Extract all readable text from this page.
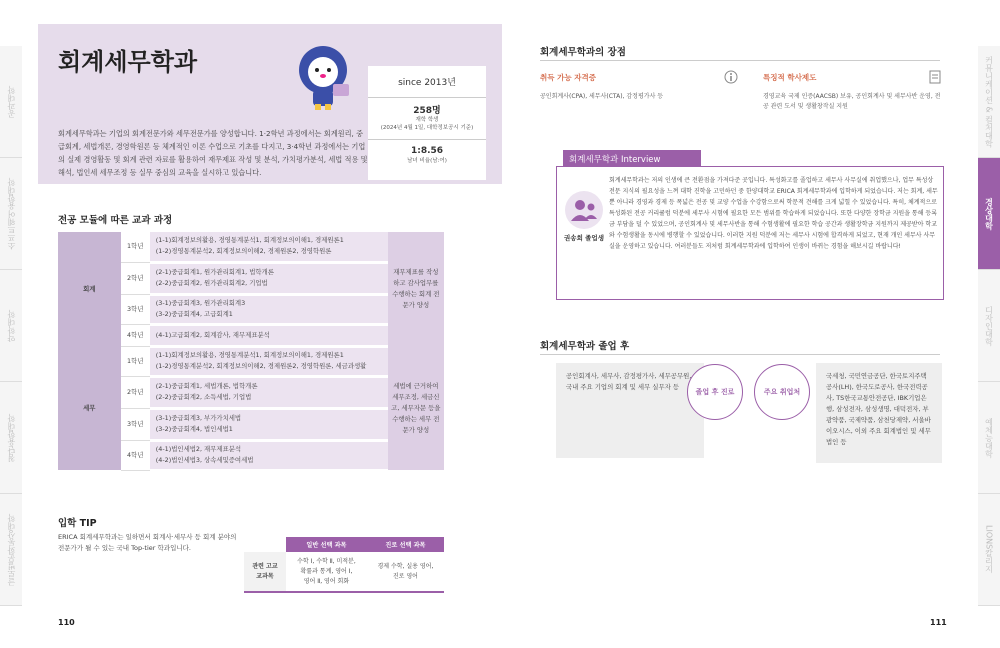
공과대학
소프트웨어융합대학
약학대학
첨단융합대학
글로벌문화통상대학
커뮤니케이션 & 컬처대학
경상대학
디자인대학
예체능대학
LIONS칼리지
회계세무학과

회계세무학과는 기업의 회계전문가와 세무전문가를 양성합니다. 1·2학년 과정에서는 회계원리, 중급회계, 세법개론, 경영학원론 등 체계적인 이론 수업으로 기초를 다지고, 3·4학년 과정에서는 기업의 실제 경영활동 및 회계 관련 자료를 활용하여 재무제표 작성 및 분석, 가치평가분석, 세법 적용 및 해석, 법인세 세무조정 등 실무 중심의 교육을 실시하고 있습니다.

since 2013년
258명
재학 학생
(2024년 4월 1일, 대학정보공시 기준)
1:8.56
남녀 비율(남:여)
전공 모듈에 따른 교과 과정
회계	1학년	(1-1)회계정보의활용, 경영통계분석1, 회계정보의이해1, 경제원론1
(1-2)경영통계분석2, 회계정보의이해2, 경제원론2, 경영학원론	재무제표를 작성하고 감사업무를 수행하는 회계 전문가 양성
	2학년	(2-1)중급회계1, 원가관리회계1, 법학개론
(2-2)중급회계2, 원가관리회계2, 기업법	
	3학년	(3-1)중급회계3, 원가관리회계3
(3-2)중급회계4, 고급회계1	
	4학년	(4-1)고급회계2, 회계감사, 재무제표분석	
세무	1학년	(1-1)회계정보의활용, 경영통계분석1, 회계정보의이해1, 경제원론1
(1-2)경영통계분석2, 회계정보의이해2, 경제원론2, 경영학원론, 세금과생활	세법에 근거하여 세무조정, 세금신고, 세무자문 등을 수행하는 세무 전문가 양성
	2학년	(2-1)중급회계1, 세법개론, 법학개론
(2-2)중급회계2, 소득세법, 기업법	
	3학년	(3-1)중급회계3, 부가가치세법
(3-2)중급회계4, 법인세법1	
	4학년	(4-1)법인세법2, 재무제표분석
(4-2)법인세법3, 상속세및증여세법	
입학 TIP
ERICA 회계세무학과는 일하면서 회계사·세무사 등 회계 분야의 전문가가 될 수 있는 국내 Top-tier 학과입니다.
		일반 선택 과목	진로 선택 과목
관련 고교
교과목	수학 Ⅰ, 수학 Ⅱ, 미적분,
확률과 통계, 영어 Ⅰ,
영어 Ⅱ, 영어 회화	경제 수학, 실용 영어,
진로 영어
110
회계세무학과의 장점
취득 가능 자격증
공인회계사(CPA), 세무사(CTA), 감정평가사 등
특징적 학사제도
경영교육 국제 인증(AACSB) 보유, 공인회계사 및 세무사반 운영, 전공 관련 도서 및 생활창작실 지원
회계세무학과 Interview
권송희 졸업생
회계세무학과는 저의 인생에 큰 전환점을 가져다준 곳입니다. 특성화고를 졸업하고 세무사 사무실에 취업했으나, 업무 특성상 전문 지식의 필요성을 느껴 대학 진학을 고민하던 중 한양대학교 ERICA 회계세무학과에 입학하게 되었습니다. 저는 회계, 세무뿐 아니라 경영과 경제 등 폭넓은 전공 및 교양 수업을 수강함으로써 학문적 견해를 크게 넓힐 수 있었습니다. 특히, 체계적으로 특성화된 전공 커리큘럼 덕분에 세무사 시험에 필요한 모든 범위를 학습하게 되었습니다. 또한 다양한 장학금 지원을 통해 등록금 부담을 덜 수 있었으며, 공인회계사 및 세무사반을 통해 수험생활에 필요한 학습 공간과 생활장학금 지원까지 제공받아 학교와 수험생활을 동시에 병행할 수 있었습니다. 이러한 지원 덕분에 저는 세무사 시험에 합격하게 되었고, 현재 개인 세무사 사무실을 운영하고 있습니다. 여러분들도 저처럼 회계세무학과에 입학하여 인생이 바뀌는 경험을 해보시길 바랍니다!
회계세무학과 졸업 후
공인회계사, 세무사, 감정평가사, 세무공무원, 국내 주요 기업의 회계 및 세무 실무자 등
졸업 후 진로	주요 취업처
국세청, 국민연금공단, 한국토지주택공사(LH), 한국도로공사, 한국전력공사, TS한국교통안전공단, IBK기업은행, 삼성전자, 삼성생명, 대덕전자, 부광약품, 국제약품, 삼천당제약, 서울바이오시스, 이외 주요 회계법인 및 세무법인 등
111
